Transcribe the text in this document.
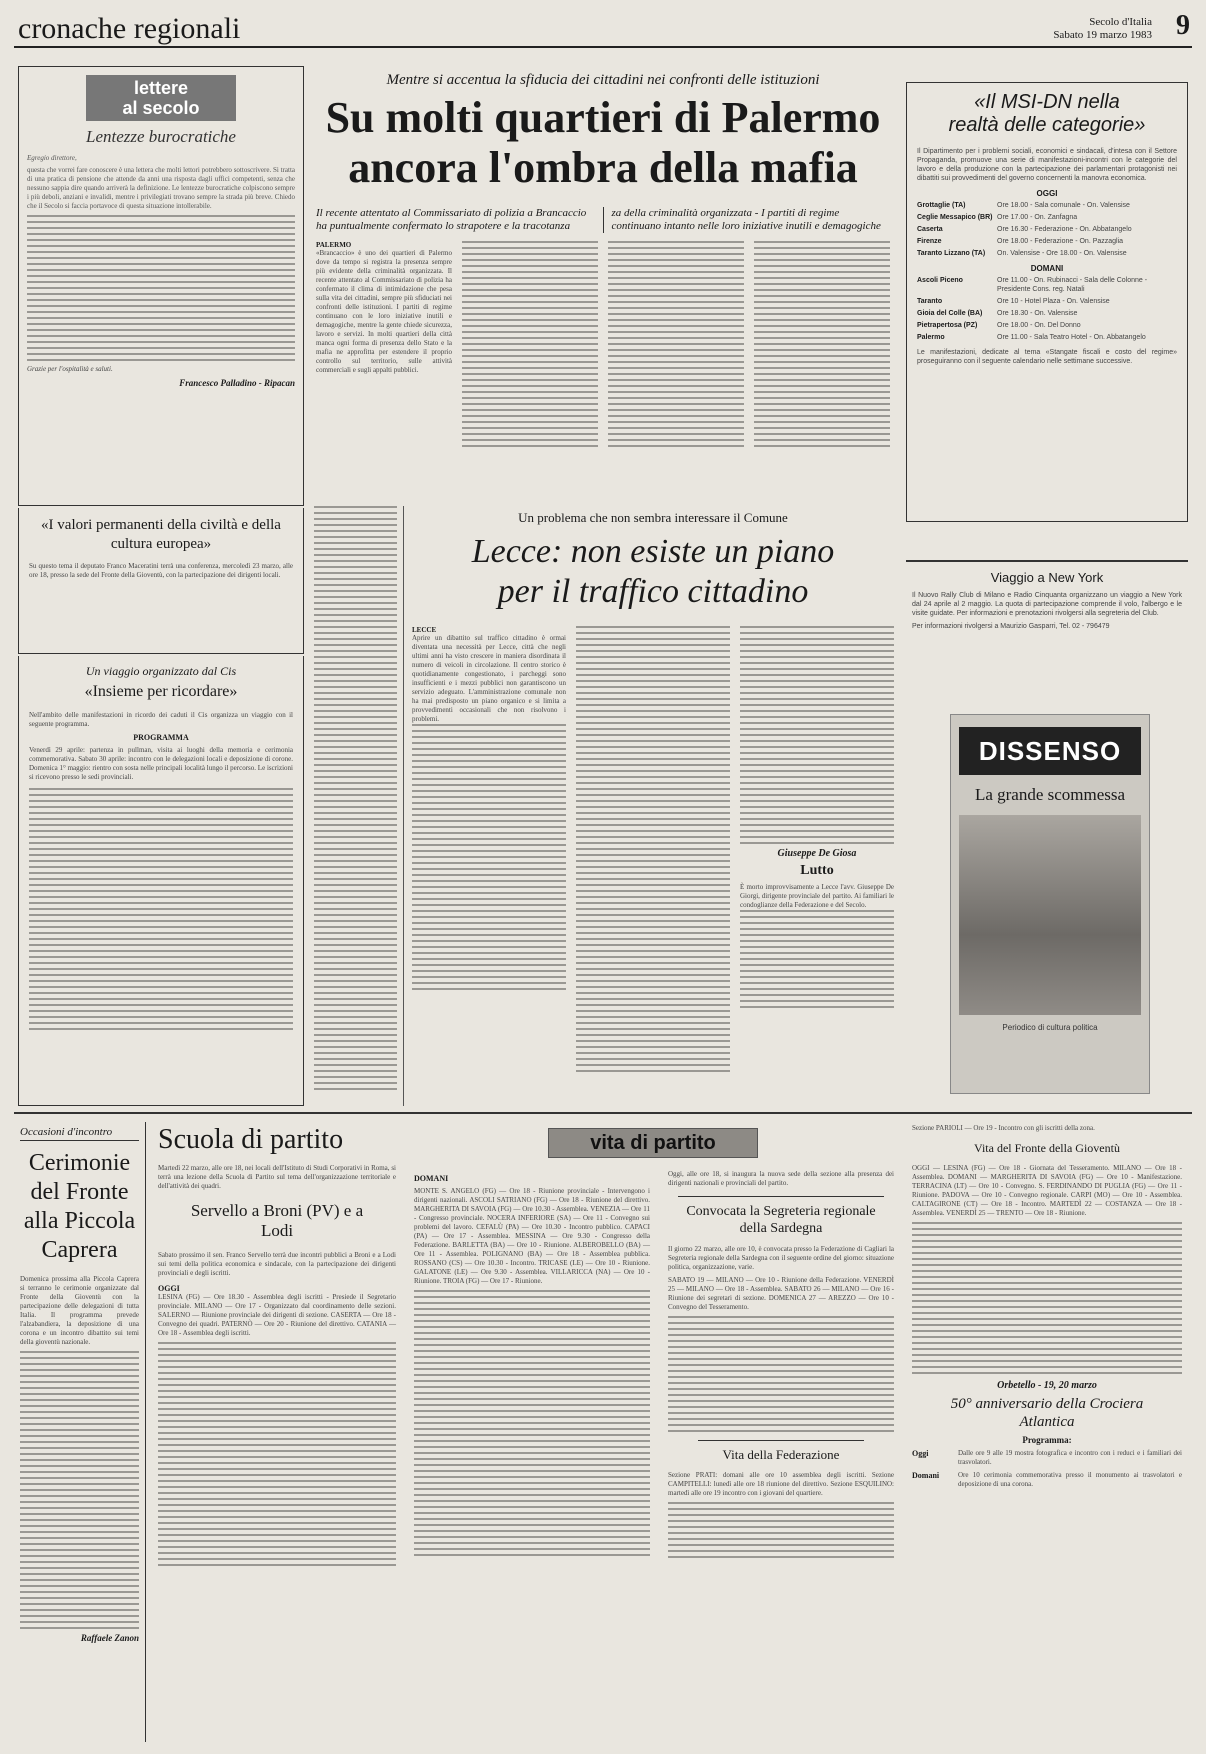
cronache regionali	Secolo d'Italia
Sabato 19 marzo 1983 9
lettere
al secolo
Lentezze burocratiche

Egregio direttore,

questa che vorrei fare conoscere è una lettera che molti lettori potrebbero sottoscrivere. Si tratta di una pratica di pensione che attende da anni una risposta dagli uffici competenti, senza che nessuno sappia dire quando arriverà la definizione. Le lentezze burocratiche colpiscono sempre i più deboli, anziani e invalidi, mentre i privilegiati trovano sempre la strada più breve. Chiedo che il Secolo si faccia portavoce di questa situazione intollerabile.

Grazie per l'ospitalità e saluti.

Francesco Palladino - Ripacan
«I valori permanenti della civiltà e della cultura europea»

Su questo tema il deputato Franco Maceratini terrà una conferenza, mercoledì 23 marzo, alle ore 18, presso la sede del Fronte della Gioventù, con la partecipazione dei dirigenti locali.

Un viaggio organizzato dal Cis
«Insieme per ricordare»

Nell'ambito delle manifestazioni in ricordo dei caduti il Cis organizza un viaggio con il seguente programma.

PROGRAMMA

Venerdì 29 aprile: partenza in pullman, visita ai luoghi della memoria e cerimonia commemorativa. Sabato 30 aprile: incontro con le delegazioni locali e deposizione di corone. Domenica 1° maggio: rientro con sosta nelle principali località lungo il percorso. Le iscrizioni si ricevono presso le sedi provinciali.

Mentre si accentua la sfiducia dei cittadini nei confronti delle istituzioni
Su molti quartieri di Palermo
ancora l'ombra della mafia
Il recente attentato al Commissariato di polizia a Brancaccio ha puntualmente confermato lo strapotere e la tracotanza
za della criminalità organizzata - I partiti di regime continuano intanto nelle loro iniziative inutili e demagogiche
PALERMO

«Brancaccio» è uno dei quartieri di Palermo dove da tempo si registra la presenza sempre più evidente della criminalità organizzata. Il recente attentato al Commissariato di polizia ha confermato il clima di intimidazione che pesa sulla vita dei cittadini, sempre più sfiduciati nei confronti delle istituzioni. I partiti di regime continuano con le loro iniziative inutili e demagogiche, mentre la gente chiede sicurezza, lavoro e servizi. In molti quartieri della città manca ogni forma di presenza dello Stato e la mafia ne approfitta per estendere il proprio controllo sul territorio, sulle attività commerciali e sugli appalti pubblici.

Un problema che non sembra interessare il Comune
Lecce: non esiste un piano
per il traffico cittadino
LECCE

Aprire un dibattito sul traffico cittadino è ormai diventata una necessità per Lecce, città che negli ultimi anni ha visto crescere in maniera disordinata il numero di veicoli in circolazione. Il centro storico è quotidianamente congestionato, i parcheggi sono insufficienti e i mezzi pubblici non garantiscono un servizio adeguato. L'amministrazione comunale non ha mai predisposto un piano organico e si limita a provvedimenti occasionali che non risolvono i problemi.

Giuseppe De Giosa
Lutto

È morto improvvisamente a Lecce l'avv. Giuseppe De Giorgi, dirigente provinciale del partito. Ai familiari le condoglianze della Federazione e del Secolo.

«Il MSI-DN nella realtà delle categorie»

Il Dipartimento per i problemi sociali, economici e sindacali, d'intesa con il Settore Propaganda, promuove una serie di manifestazioni-incontri con le categorie del lavoro e della produzione con la partecipazione dei parlamentari protagonisti nei dibattiti sui provvedimenti del governo concernenti la manovra economica.

OGGI
Grottaglie (TA)	Ore 18.00 - Sala comunale - On. Valensise
Ceglie Messapico (BR) Ore 17.00 - On. Zanfagna
Caserta	Ore 16.30 - Federazione - On. Abbatangelo
Firenze	Ore 18.00 - Federazione - On. Pazzaglia
Taranto Lizzano (TA)	On. Valensise - Ore 18.00 - On. Valensise
DOMANI
Ascoli Piceno	Ore 11.00 - On. Rubinacci - Sala delle Colonne - Presidente Cons. reg. Natali
Taranto	Ore 10 - Hotel Plaza - On. Valensise
Gioia del Colle (BA)	Ore 18.30 - On. Valensise
Pietrapertosa (PZ)	Ore 18.00 - On. Del Donno
Palermo	Ore 11.00 - Sala Teatro Hotel - On. Abbatangelo

Le manifestazioni, dedicate al tema «Stangate fiscali e costo del regime» proseguiranno con il seguente calendario nelle settimane successive.

Viaggio a New York

Il Nuovo Rally Club di Milano e Radio Cinquanta organizzano un viaggio a New York dal 24 aprile al 2 maggio. La quota di partecipazione comprende il volo, l'albergo e le visite guidate. Per informazioni e prenotazioni rivolgersi alla segreteria del Club.

Per informazioni rivolgersi a Maurizio Gasparri, Tel. 02 - 796479

DISSENSO
La grande scommessa
Periodico di cultura politica
Occasioni d'incontro
Cerimonie del Fronte alla Piccola Caprera

Domenica prossima alla Piccola Caprera si terranno le cerimonie organizzate dal Fronte della Gioventù con la partecipazione delle delegazioni di tutta Italia. Il programma prevede l'alzabandiera, la deposizione di una corona e un incontro dibattito sui temi della gioventù nazionale.

Raffaele Zanon
Scuola di partito

Martedì 22 marzo, alle ore 18, nei locali dell'Istituto di Studi Corporativi in Roma, si terrà una lezione della Scuola di Partito sul tema dell'organizzazione territoriale e dell'attività dei quadri.

Servello a Broni (PV) e a Lodi

Sabato prossimo il sen. Franco Servello terrà due incontri pubblici a Broni e a Lodi sui temi della politica economica e sindacale, con la partecipazione dei dirigenti provinciali e degli iscritti.

OGGI

LESINA (FG) — Ore 18.30 - Assemblea degli iscritti - Presiede il Segretario provinciale. MILANO — Ore 17 - Organizzato dal coordinamento delle sezioni. SALERNO — Riunione provinciale dei dirigenti di sezione. CASERTA — Ore 18 - Convegno dei quadri. PATERNÒ — Ore 20 - Riunione del direttivo. CATANIA — Ore 18 - Assemblea degli iscritti.

vita di partito
DOMANI

MONTE S. ANGELO (FG) — Ore 18 - Riunione provinciale - Intervengono i dirigenti nazionali. ASCOLI SATRIANO (FG) — Ore 18 - Riunione del direttivo. MARGHERITA DI SAVOIA (FG) — Ore 10.30 - Assemblea. VENEZIA — Ore 11 - Congresso provinciale. NOCERA INFERIORE (SA) — Ore 11 - Convegno sui problemi del lavoro. CEFALÙ (PA) — Ore 10.30 - Incontro pubblico. CAPACI (PA) — Ore 17 - Assemblea. MESSINA — Ore 9.30 - Congresso della Federazione. BARLETTA (BA) — Ore 10 - Riunione. ALBEROBELLO (BA) — Ore 11 - Assemblea. POLIGNANO (BA) — Ore 18 - Assemblea pubblica. ROSSANO (CS) — Ore 10.30 - Incontro. TRICASE (LE) — Ore 10 - Riunione. GALATONE (LE) — Ore 9.30 - Assemblea. VILLARICCA (NA) — Ore 10 - Riunione. TROIA (FG) — Ore 17 - Riunione.

Oggi, alle ore 18, si inaugura la nuova sede della sezione alla presenza dei dirigenti nazionali e provinciali del partito.

Convocata la Segreteria regionale della Sardegna

Il giorno 22 marzo, alle ore 10, è convocata presso la Federazione di Cagliari la Segreteria regionale della Sardegna con il seguente ordine del giorno: situazione politica, organizzazione, varie.

SABATO 19 — MILANO — Ore 10 - Riunione della Federazione. VENERDÌ 25 — MILANO — Ore 18 - Assemblea. SABATO 26 — MILANO — Ore 16 - Riunione dei segretari di sezione. DOMENICA 27 — AREZZO — Ore 10 - Convegno del Tesseramento.

Vita della Federazione

Sezione PRATI: domani alle ore 10 assemblea degli iscritti. Sezione CAMPITELLI: lunedì alle ore 18 riunione del direttivo. Sezione ESQUILINO: martedì alle ore 19 incontro con i giovani del quartiere.

Sezione PARIOLI — Ore 19 - Incontro con gli iscritti della zona.

Vita del Fronte della Gioventù

OGGI — LESINA (FG) — Ore 18 - Giornata del Tesseramento. MILANO — Ore 18 - Assemblea. DOMANI — MARGHERITA DI SAVOIA (FG) — Ore 10 - Manifestazione. TERRACINA (LT) — Ore 10 - Convegno. S. FERDINANDO DI PUGLIA (FG) — Ore 11 - Riunione. PADOVA — Ore 10 - Convegno regionale. CARPI (MO) — Ore 10 - Assemblea. CALTAGIRONE (CT) — Ore 18 - Incontro. MARTEDÌ 22 — COSTANZA — Ore 18 - Assemblea. VENERDÌ 25 — TRENTO — Ore 18 - Riunione.

Orbetello - 19, 20 marzo
50° anniversario della Crociera Atlantica
Programma:
Oggi	Dalle ore 9 alle 19 mostra fotografica e incontro con i reduci e i familiari dei trasvolatori.

Domani	Ore 10 cerimonia commemorativa presso il monumento ai trasvolatori e deposizione di una corona.
